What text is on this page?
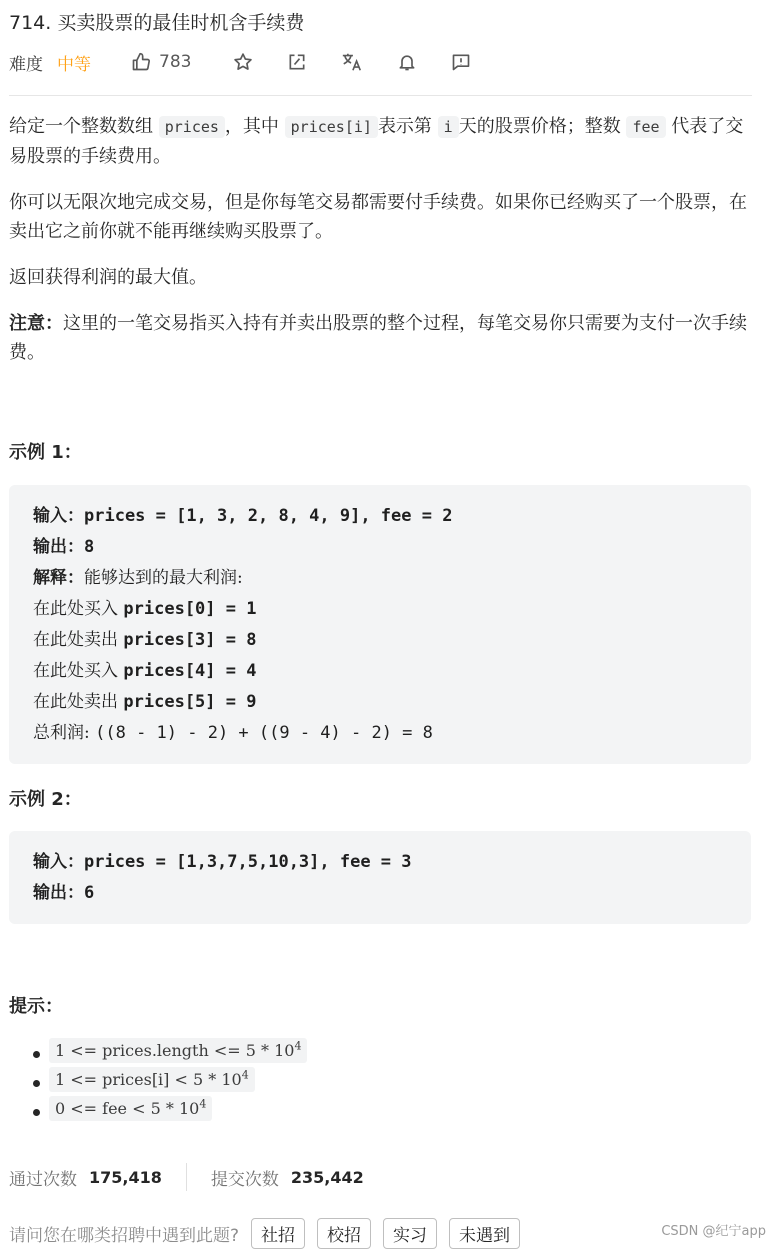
714. 买卖股票的最佳时机含手续费
难度 中等	783

给定一个整数数组 prices ，其中 prices[i] 表示第 i 天的股票价格；整数 fee 代表了交易股票的手续费用。

你可以无限次地完成交易，但是你每笔交易都需要付手续费。如果你已经购买了一个股票，在卖出它之前你就不能再继续购买股票了。

返回获得利润的最大值。

注意：这里的一笔交易指买入持有并卖出股票的整个过程，每笔交易你只需要为支付一次手续费。

示例 1：
输入：prices = [1, 3, 2, 8, 4, 9], fee = 2
输出：8
解释：能够达到的最大利润:
在此处买入 prices[0] = 1
在此处卖出 prices[3] = 8
在此处买入 prices[4] = 4
在此处卖出 prices[5] = 9
总利润: ((8 - 1) - 2) + ((9 - 4) - 2) = 8
示例 2：
输入：prices = [1,3,7,5,10,3], fee = 3
输出：6
提示：
1 <= prices.length <= $5 * 10^4$
1 <= prices[i] < $5 * 10^4$
0 <= fee < $5 * 10^4$
通过次数 175,418	提交次数 235,442
请问您在哪类招聘中遇到此题?	社招	校招	实习	未遇到	CSDN @纪宁app
